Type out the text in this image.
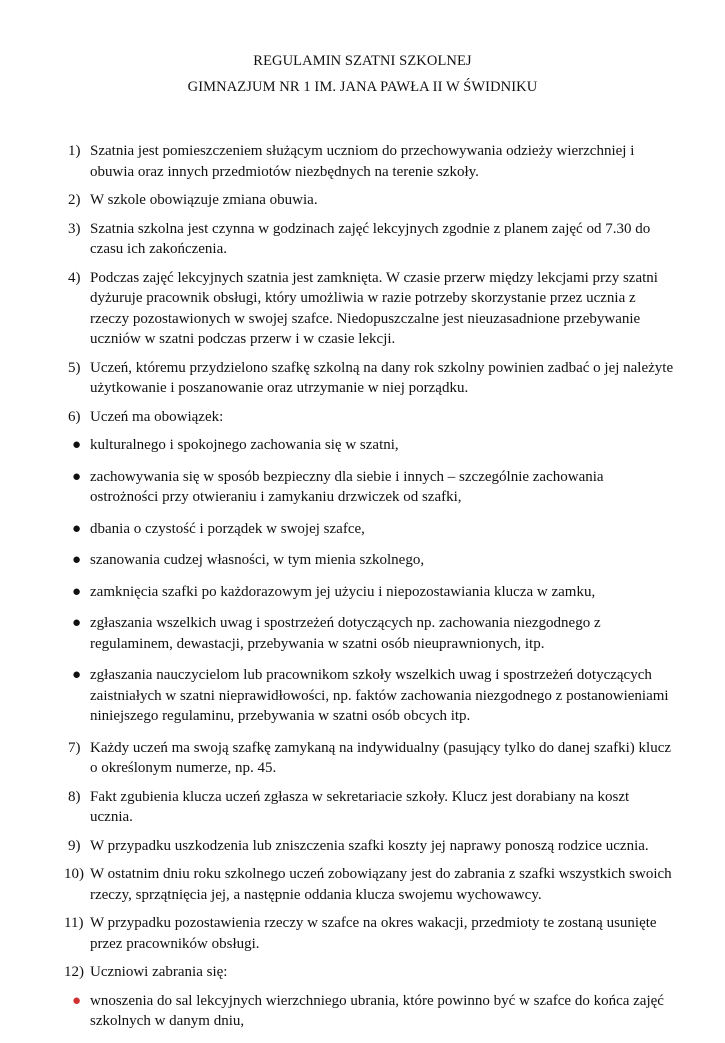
REGULAMIN SZATNI SZKOLNEJ
GIMNAZJUM NR 1 IM. JANA PAWŁA II W ŚWIDNIKU
1) Szatnia jest pomieszczeniem służącym uczniom do przechowywania odzieży wierzchniej i obuwia oraz innych przedmiotów niezbędnych na terenie szkoły.
2) W szkole obowiązuje zmiana obuwia.
3) Szatnia szkolna jest czynna w godzinach zajęć lekcyjnych zgodnie z planem zajęć od 7.30 do czasu ich zakończenia.
4) Podczas zajęć lekcyjnych szatnia jest zamknięta. W czasie przerw między lekcjami przy szatni dyżuruje pracownik obsługi, który umożliwia w razie potrzeby skorzystanie przez ucznia z rzeczy pozostawionych w swojej szafce. Niedopuszczalne jest nieuzasadnione przebywanie uczniów w szatni podczas przerw i w czasie lekcji.
5) Uczeń, któremu przydzielono szafkę szkolną na dany rok szkolny powinien zadbać o jej należyte użytkowanie i poszanowanie oraz utrzymanie w niej porządku.
6) Uczeń ma obowiązek:
● kulturalnego i spokojnego zachowania się w szatni,
● zachowywania się w sposób bezpieczny dla siebie i innych – szczególnie zachowania ostrożności przy otwieraniu i zamykaniu drzwiczek od szafki,
● dbania o czystość i porządek w swojej szafce,
● szanowania cudzej własności, w tym mienia szkolnego,
● zamknięcia szafki po każdorazowym jej użyciu i niepozostawiania klucza w zamku,
● zgłaszania wszelkich uwag i spostrzeżeń dotyczących np. zachowania niezgodnego z regulaminem, dewastacji, przebywania w szatni osób nieuprawnionych, itp.
● zgłaszania nauczycielom lub pracownikom szkoły wszelkich uwag i spostrzeżeń dotyczących zaistniałych w szatni nieprawidłowości, np. faktów zachowania niezgodnego z postanowieniami niniejszego regulaminu, przebywania w szatni osób obcych itp.
7) Każdy uczeń ma swoją szafkę zamykaną na indywidualny (pasujący tylko do danej szafki) klucz o określonym numerze, np. 45.
8) Fakt zgubienia klucza uczeń zgłasza w sekretariacie szkoły. Klucz jest dorabiany na koszt ucznia.
9) W przypadku uszkodzenia lub zniszczenia szafki koszty jej naprawy ponoszą rodzice ucznia.
10) W ostatnim dniu roku szkolnego uczeń zobowiązany jest do zabrania z szafki wszystkich swoich rzeczy, sprzątnięcia jej, a następnie oddania klucza swojemu wychowawcy.
11) W przypadku pozostawienia rzeczy w szafce na okres wakacji, przedmioty te zostaną usunięte przez pracowników obsługi.
12) Uczniowi zabrania się:
● wnoszenia do sal lekcyjnych wierzchniego ubrania, które powinno być w szafce do końca zajęć szkolnych w danym dniu,
